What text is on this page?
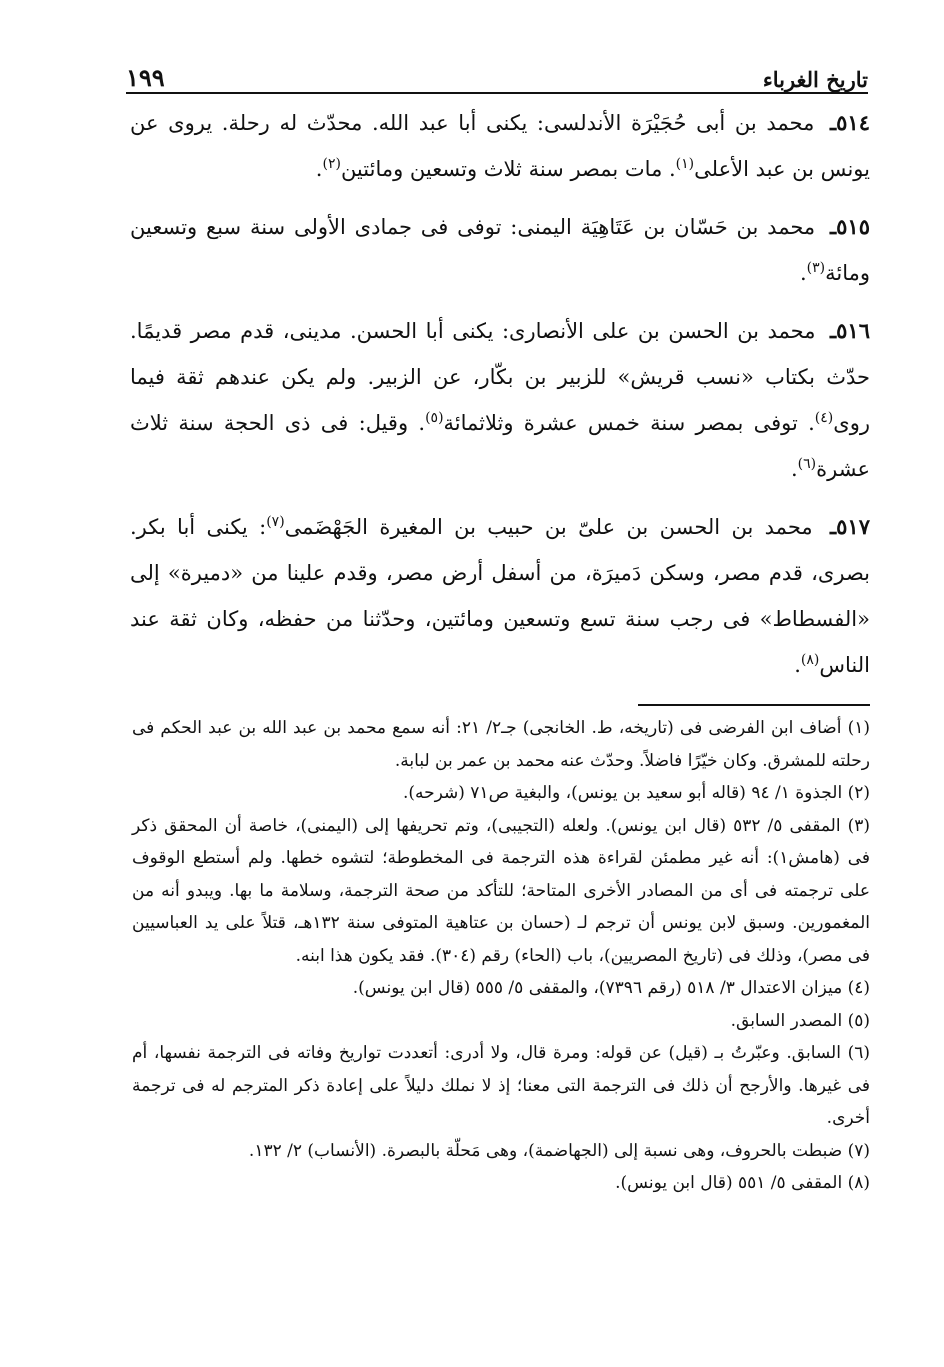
تاريخ الغرباء
١٩٩

٥١٤ـ محمد بن أبى حُجَيْرَة الأندلسى: يكنى أبا عبد الله. محدّث له رحلة. يروى عن يونس بن عبد الأعلى$^{(١)}$. مات بمصر سنة ثلاث وتسعين ومائتين$^{(٢)}$.

٥١٥ـ محمد بن حَسّان بن عَتَاهِيَة اليمنى: توفى فى جمادى الأولى سنة سبع وتسعين ومائة$^{(٣)}$.

٥١٦ـ محمد بن الحسن بن على الأنصارى: يكنى أبا الحسن. مدينى، قدم مصر قديمًا. حدّث بكتاب «نسب قريش» للزبير بن بكّار، عن الزبير. ولم يكن عندهم ثقة فيما روى$^{(٤)}$. توفى بمصر سنة خمس عشرة وثلاثمائة$^{(٥)}$. وقيل: فى ذى الحجة سنة ثلاث عشرة$^{(٦)}$.

٥١٧ـ محمد بن الحسن بن علىّ بن حبيب بن المغيرة الجَهْضَمى$^{(٧)}$: يكنى أبا بكر. بصرى، قدم مصر، وسكن دَميرَة، من أسفل أرض مصر، وقدم علينا من «دميرة» إلى «الفسطاط» فى رجب سنة تسع وتسعين ومائتين، وحدّثنا من حفظه، وكان ثقة عند الناس$^{(٨)}$.

(١) أضاف ابن الفرضى فى (تاريخه، ط. الخانجى) جـ٢/ ٢١: أنه سمع محمد بن عبد الله بن عبد الحكم فى رحلته للمشرق. وكان خيّرًا فاضلاً. وحدّث عنه محمد بن عمر بن لبابة.

(٢) الجذوة ١/ ٩٤ (قاله أبو سعيد بن يونس)، والبغية ص٧١ (شرحه).

(٣) المقفى ٥/ ٥٣٢ (قال ابن يونس). ولعله (التجيبى)، وتم تحريفها إلى (اليمنى)، خاصة أن المحقق ذكر فى (هامش١): أنه غير مطمئن لقراءة هذه الترجمة فى المخطوطة؛ لتشوه خطها. ولم أستطع الوقوف على ترجمته فى أى من المصادر الأخرى المتاحة؛ للتأكد من صحة الترجمة، وسلامة ما بها. ويبدو أنه من المغمورين. وسبق لابن يونس أن ترجم لـ (حسان بن عتاهية المتوفى سنة ١٣٢هـ، قتلاً على يد العباسيين فى مصر)، وذلك فى (تاريخ المصريين)، باب (الحاء) رقم (٣٠٤). فقد يكون هذا ابنه.

(٤) ميزان الاعتدال ٣/ ٥١٨ (رقم ٧٣٩٦)، والمقفى ٥/ ٥٥٥ (قال ابن يونس).

(٥) المصدر السابق.

(٦) السابق. وعبّرتُ بـ (قيل) عن قوله: ومرة قال، ولا أدرى: أتعددت تواريخ وفاته فى الترجمة نفسها، أم فى غيرها. والأرجح أن ذلك فى الترجمة التى معنا؛ إذ لا نملك دليلاً على إعادة ذكر المترجم له فى ترجمة أخرى.

(٧) ضبطت بالحروف، وهى نسبة إلى (الجهاضمة)، وهى مَحلّة بالبصرة. (الأنساب) ٢/ ١٣٢.

(٨) المقفى ٥/ ٥٥١ (قال ابن يونس).
